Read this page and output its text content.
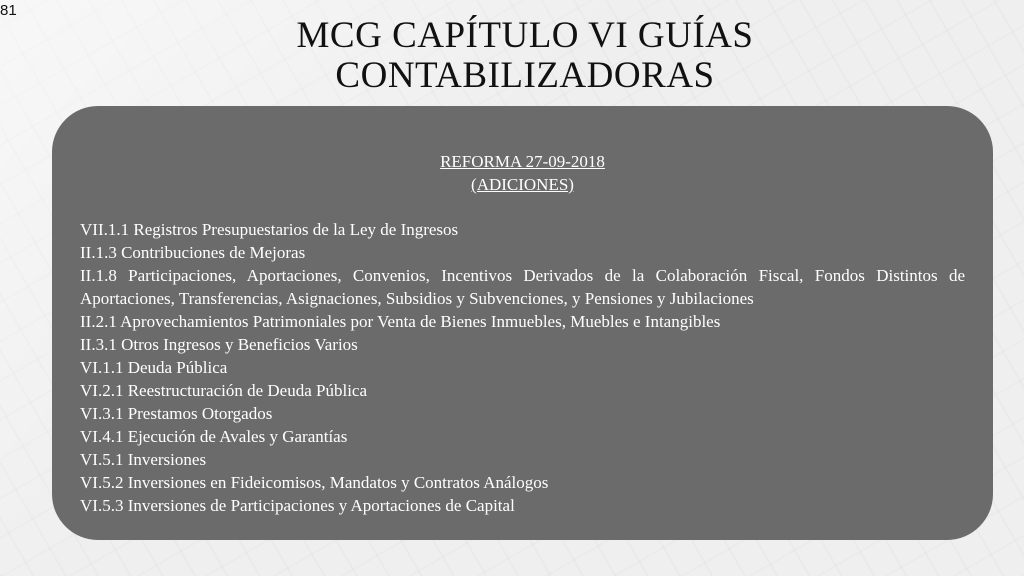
81
MCG CAPÍTULO VI GUÍAS
CONTABILIZADORAS
REFORMA 27-09-2018
(ADICIONES)
VII.1.1 Registros Presupuestarios de la Ley de Ingresos
II.1.3 Contribuciones de Mejoras
II.1.8 Participaciones, Aportaciones, Convenios, Incentivos Derivados de la Colaboración Fiscal, Fondos Distintos de Aportaciones, Transferencias, Asignaciones, Subsidios y Subvenciones, y Pensiones y Jubilaciones
II.2.1 Aprovechamientos Patrimoniales por Venta de Bienes Inmuebles, Muebles e Intangibles
II.3.1 Otros Ingresos y Beneficios Varios
VI.1.1 Deuda Pública
VI.2.1 Reestructuración de Deuda Pública
VI.3.1 Prestamos Otorgados
VI.4.1 Ejecución de Avales y Garantías
VI.5.1 Inversiones
VI.5.2 Inversiones en Fideicomisos, Mandatos y Contratos Análogos
VI.5.3 Inversiones de Participaciones y Aportaciones de Capital
